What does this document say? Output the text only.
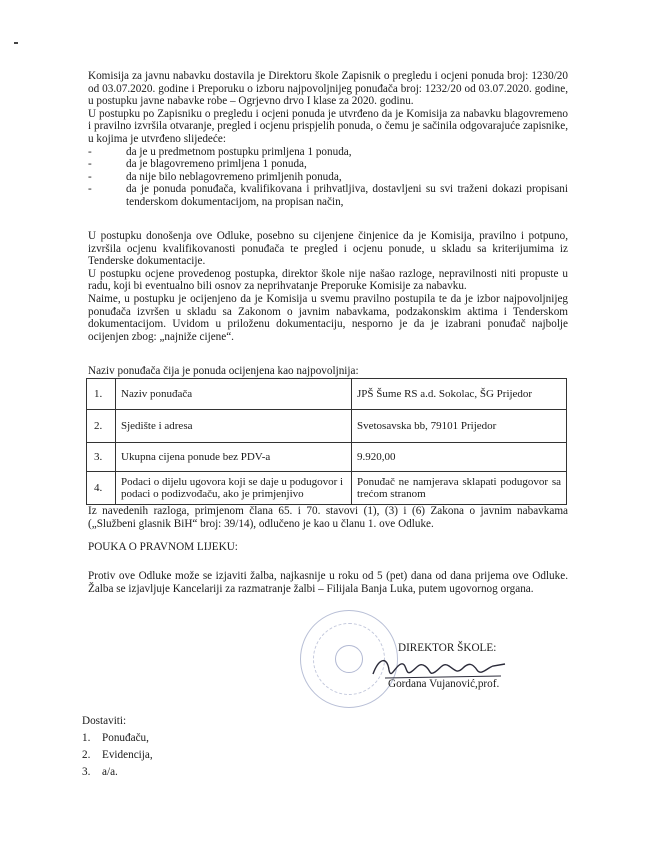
Komisija za javnu nabavku dostavila je Direktoru škole Zapisnik o pregledu i ocjeni ponuda broj: 1230/20 od 03.07.2020. godine i Preporuku o izboru najpovoljnijeg ponuđača broj: 1232/20 od 03.07.2020. godine, u postupku javne nabavke robe – Ogrjevno drvo I klase za 2020. godinu.

U postupku po Zapisniku o pregledu i ocjeni ponuda je utvrđeno da je Komisija za nabavku blagovremeno i pravilno izvršila otvaranje, pregled i ocjenu prispjelih ponuda, o čemu je sačinila odgovarajuće zapisnike, u kojima je utvrđeno slijedeće:

- da je u predmetnom postupku primljena 1 ponuda,
- da je blagovremeno primljena 1 ponuda,
- da nije bilo neblagovremeno primljenih ponuda,
- da je ponuda ponuđača, kvalifikovana i prihvatljiva, dostavljeni su svi traženi dokazi propisani tenderskom dokumentacijom, na propisan način,

U postupku donošenja ove Odluke, posebno su cijenjene činjenice da je Komisija, pravilno i potpuno, izvršila ocjenu kvalifikovanosti ponuđača te pregled i ocjenu ponude, u skladu sa kriterijumima iz Tenderske dokumentacije.

U postupku ocjene provedenog postupka, direktor škole nije našao razloge, nepravilnosti niti propuste u radu, koji bi eventualno bili osnov za neprihvatanje Preporuke Komisije za nabavku.

Naime, u postupku je ocijenjeno da je Komisija u svemu pravilno postupila te da je izbor najpovoljnijeg ponuđača izvršen u skladu sa Zakonom o javnim nabavkama, podzakonskim aktima i Tenderskom dokumentacijom. Uvidom u priloženu dokumentaciju, nesporno je da je izabrani ponuđač najbolje ocijenjen zbog: „najniže cijene“.

Naziv ponuđača čija je ponuda ocijenjena kao najpovoljnija:
1.	Naziv ponuđača	JPŠ Šume RS a.d. Sokolac, ŠG Prijedor
2.	Sjedište i adresa	Svetosavska bb, 79101 Prijedor
3.	Ukupna cijena ponude bez PDV-a	9.920,00
4.	Podaci o dijelu ugovora koji se daje u podugovor i podaci o podizvođaču, ako je primjenjivo	Ponuđač ne namjerava sklapati podugovor sa trećom stranom

Iz navedenih razloga, primjenom člana 65. i 70. stavovi (1), (3) i (6) Zakona o javnim nabavkama („Službeni glasnik BiH“ broj: 39/14), odlučeno je kao u članu 1. ove Odluke.

POUKA O PRAVNOM LIJEKU:

Protiv ove Odluke može se izjaviti žalba, najkasnije u roku od 5 (pet) dana od dana prijema ove Odluke. Žalba se izjavljuje Kancelariji za razmatranje žalbi – Filijala Banja Luka, putem ugovornog organa.

DIREKTOR ŠKOLE:
Gordana Vujanović,prof.
Dostaviti:
1. Ponuđaču,
2. Evidencija,
3. a/a.
